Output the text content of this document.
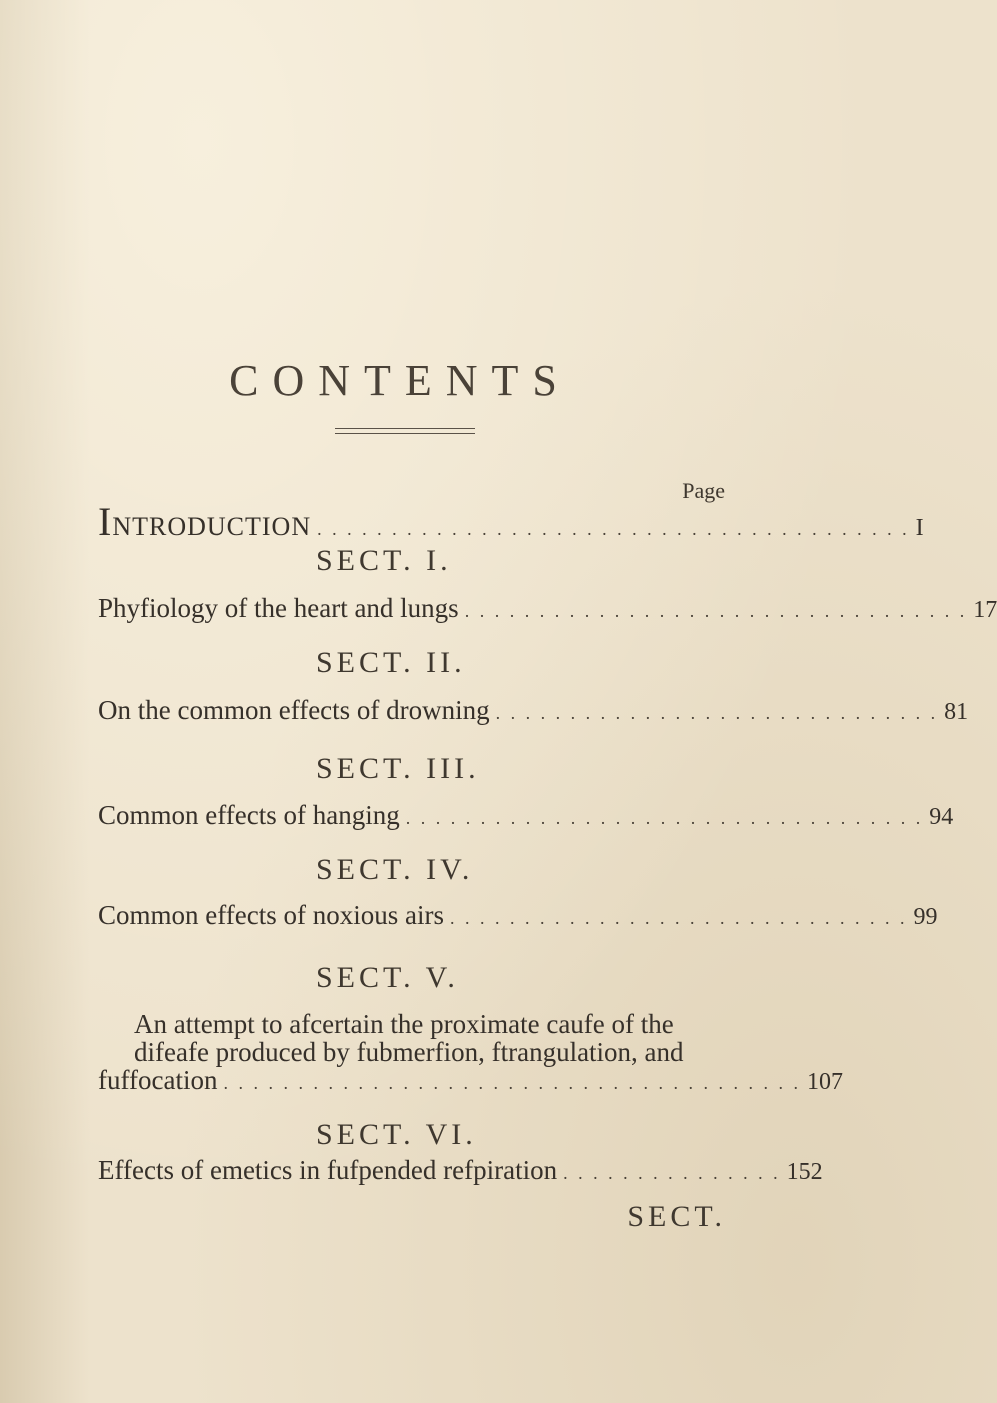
CONTENTS
Page
INTRODUCTION . . . . . . . . . . . . . . . . . . . . . . . . . . . . . . . . . . . . . . . . I
SECT. I.
Phyfiology of the heart and lungs . . . . . . . . . . . . . . . . . . . . . . . . . . . . . . . . . . 17
SECT. II.
On the common effects of drowning . . . . . . . . . . . . . . . . . . . . . . . . . . . . . . 81
SECT. III.
Common effects of hanging . . . . . . . . . . . . . . . . . . . . . . . . . . . . . . . . . . . 94
SECT. IV.
Common effects of noxious airs . . . . . . . . . . . . . . . . . . . . . . . . . . . . . . . 99
SECT. V.
An attempt to afcertain the proximate caufe of the
difeafe produced by fubmerfion, ftrangulation, and
fuffocation . . . . . . . . . . . . . . . . . . . . . . . . . . . . . . . . . . . . . . . 107
SECT. VI.
Effects of emetics in fufpended refpiration . . . . . . . . . . . . . . . 152
SECT.
